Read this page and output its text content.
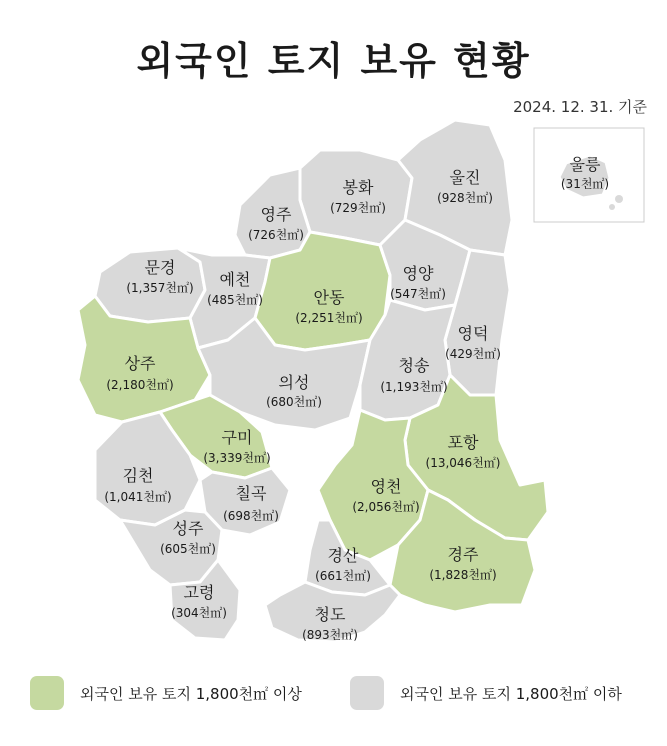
외국인 토지 보유 현황
2024. 12. 31. 기준
울릉
(31천㎡)
봉화
(729천㎡)
울진
(928천㎡)
영주
(726천㎡)
문경
(1,357천㎡) 예천
(485천㎡)	안동
(2,251천㎡)
영양
(547천㎡)
영덕
(429천㎡)
상주
(2,180천㎡)	의성
(680천㎡)
청송
(1,193천㎡)
구미
(3,339천㎡)
포항
(13,046천㎡)
김천
(1,041천㎡)	칠곡
(698천㎡)
영천
(2,056천㎡)
성주
(605천㎡)	경산
(661천㎡)
경주
(1,828천㎡)
고령
(304천㎡)	청도
(893천㎡)
외국인 보유 토지 1,800천㎡ 이상	외국인 보유 토지 1,800천㎡ 이하
